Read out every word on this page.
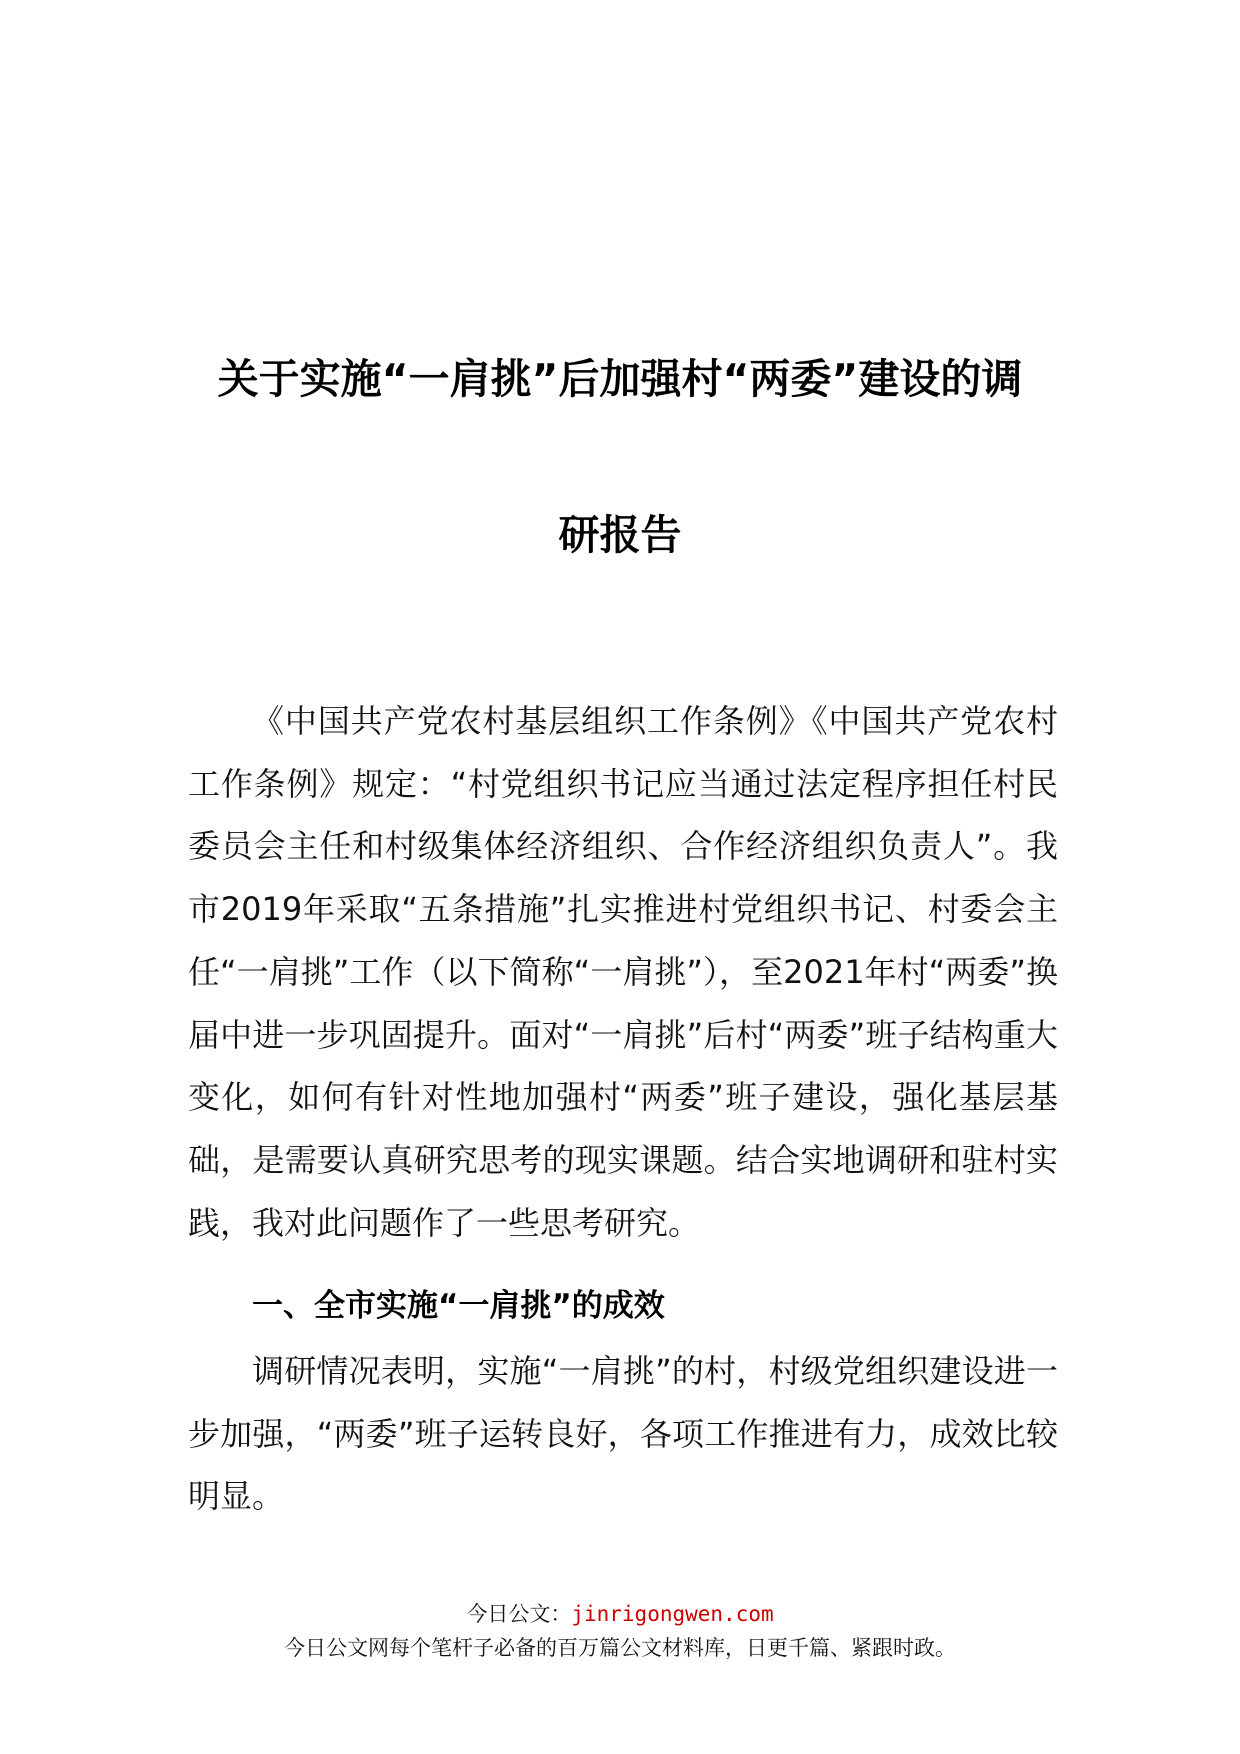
关于实施“一肩挑”后加强村“两委”建设的调
研报告
《中国共产党农村基层组织工作条例》《中国共产党农村工作条例》规定：“村党组织书记应当通过法定程序担任村民委员会主任和村级集体经济组织、合作经济组织负责人”。我市2019年采取“五条措施”扎实推进村党组织书记、村委会主任“一肩挑”工作（以下简称“一肩挑”），至2021年村“两委”换届中进一步巩固提升。面对“一肩挑”后村“两委”班子结构重大变化，如何有针对性地加强村“两委”班子建设，强化基层基础，是需要认真研究思考的现实课题。结合实地调研和驻村实践，我对此问题作了一些思考研究。
一、全市实施“一肩挑”的成效
调研情况表明，实施“一肩挑”的村，村级党组织建设进一步加强，“两委”班子运转良好，各项工作推进有力，成效比较明显。
今日公文：jinrigongwen.com
今日公文网每个笔杆子必备的百万篇公文材料库，日更千篇、紧跟时政。
